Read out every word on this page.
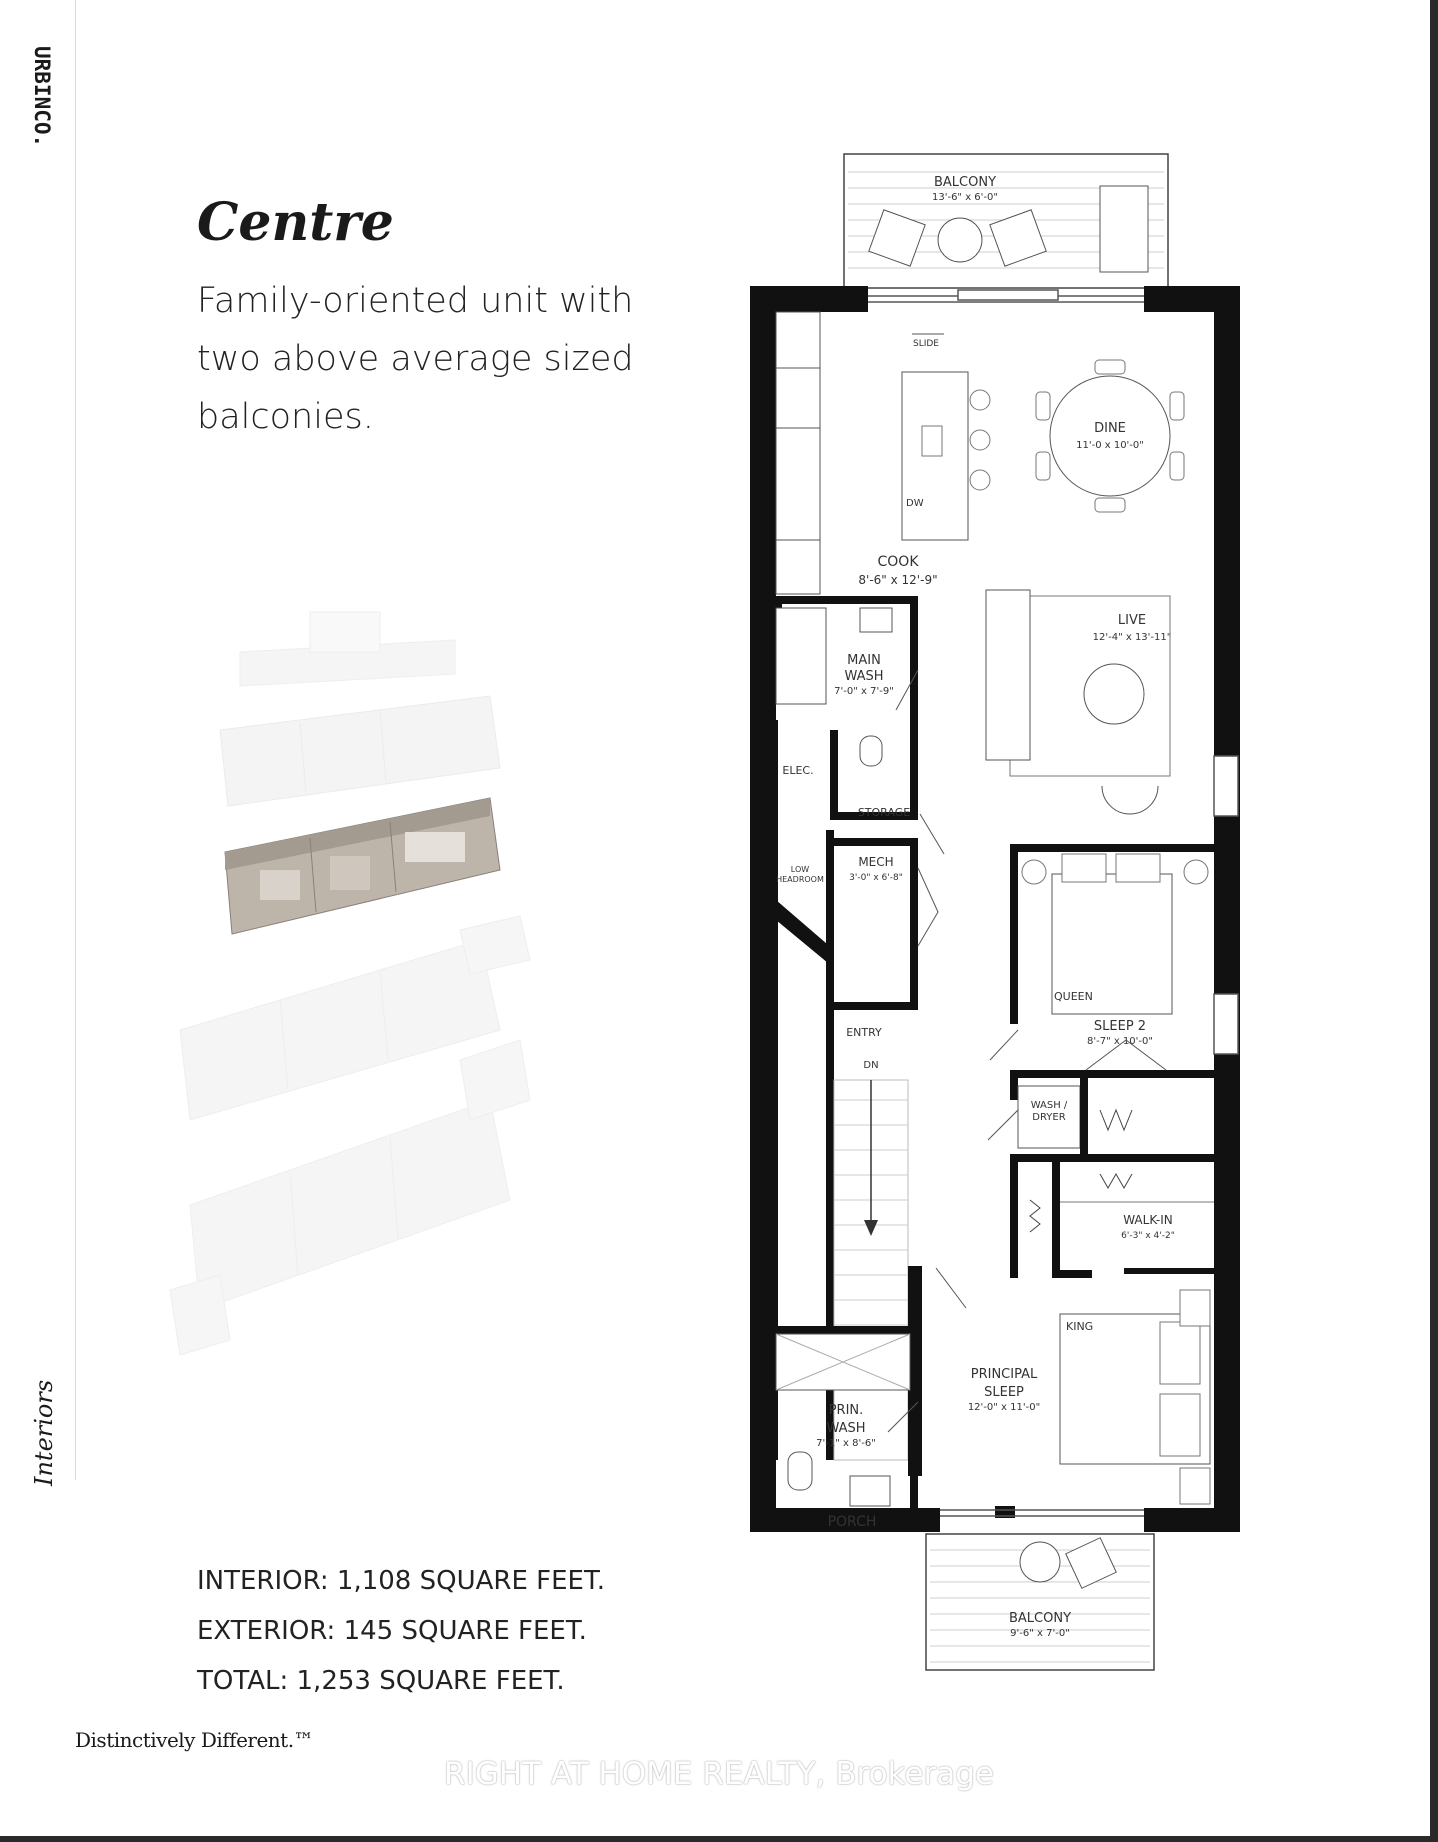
URBINCO.
Interiors
Centre

Family-oriented unit with two above average sized balconies.

BALCONY
13'-6" x 6'-0"
DW
COOK
8'-6" x 12'-9"
SLIDE
DINE
11'-0 x 10'-0"
LIVE
12'-4" x 13'-11"
MAIN
WASH
7'-0" x 7'-9"
ELEC.
STORAGE
LOW
HEADROOM
MECH
3'-0" x 6'-8"
QUEEN
SLEEP 2
8'-7" x 10'-0"
ENTRY
DN
WASH /
DRYER
WALK-IN
6'-3" x 4'-2"
KING
PRINCIPAL
SLEEP
12'-0" x 11'-0"
PRIN.
WASH
7'-1" x 8'-6"
PORCH
BALCONY
9'-6" x 7'-0"
INTERIOR: 1,108 SQUARE FEET.
EXTERIOR: 145 SQUARE FEET.
TOTAL: 1,253 SQUARE FEET.
Distinctively Different.™
RIGHT AT HOME REALTY, Brokerage
